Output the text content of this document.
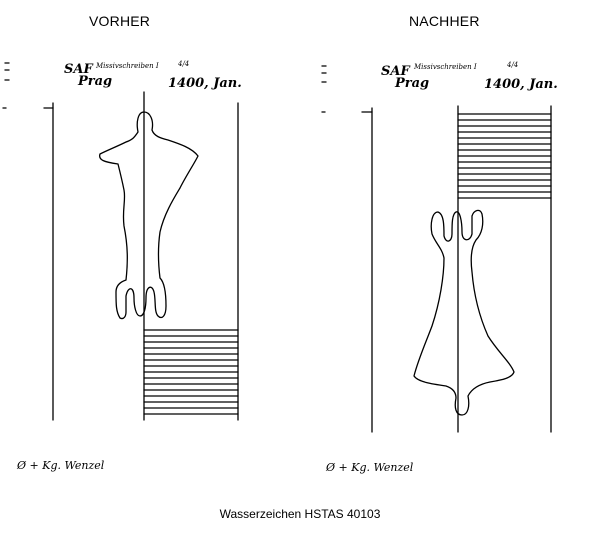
VORHER	NACHHER
SAF Missivschreiben I	4/4
Prag	1400, Jan.
Ø + Kg. Wenzel
SAF Missivschreiben I	4/4
Prag	1400, Jan.
Ø + Kg. Wenzel
Wasserzeichen HSTAS 40103
